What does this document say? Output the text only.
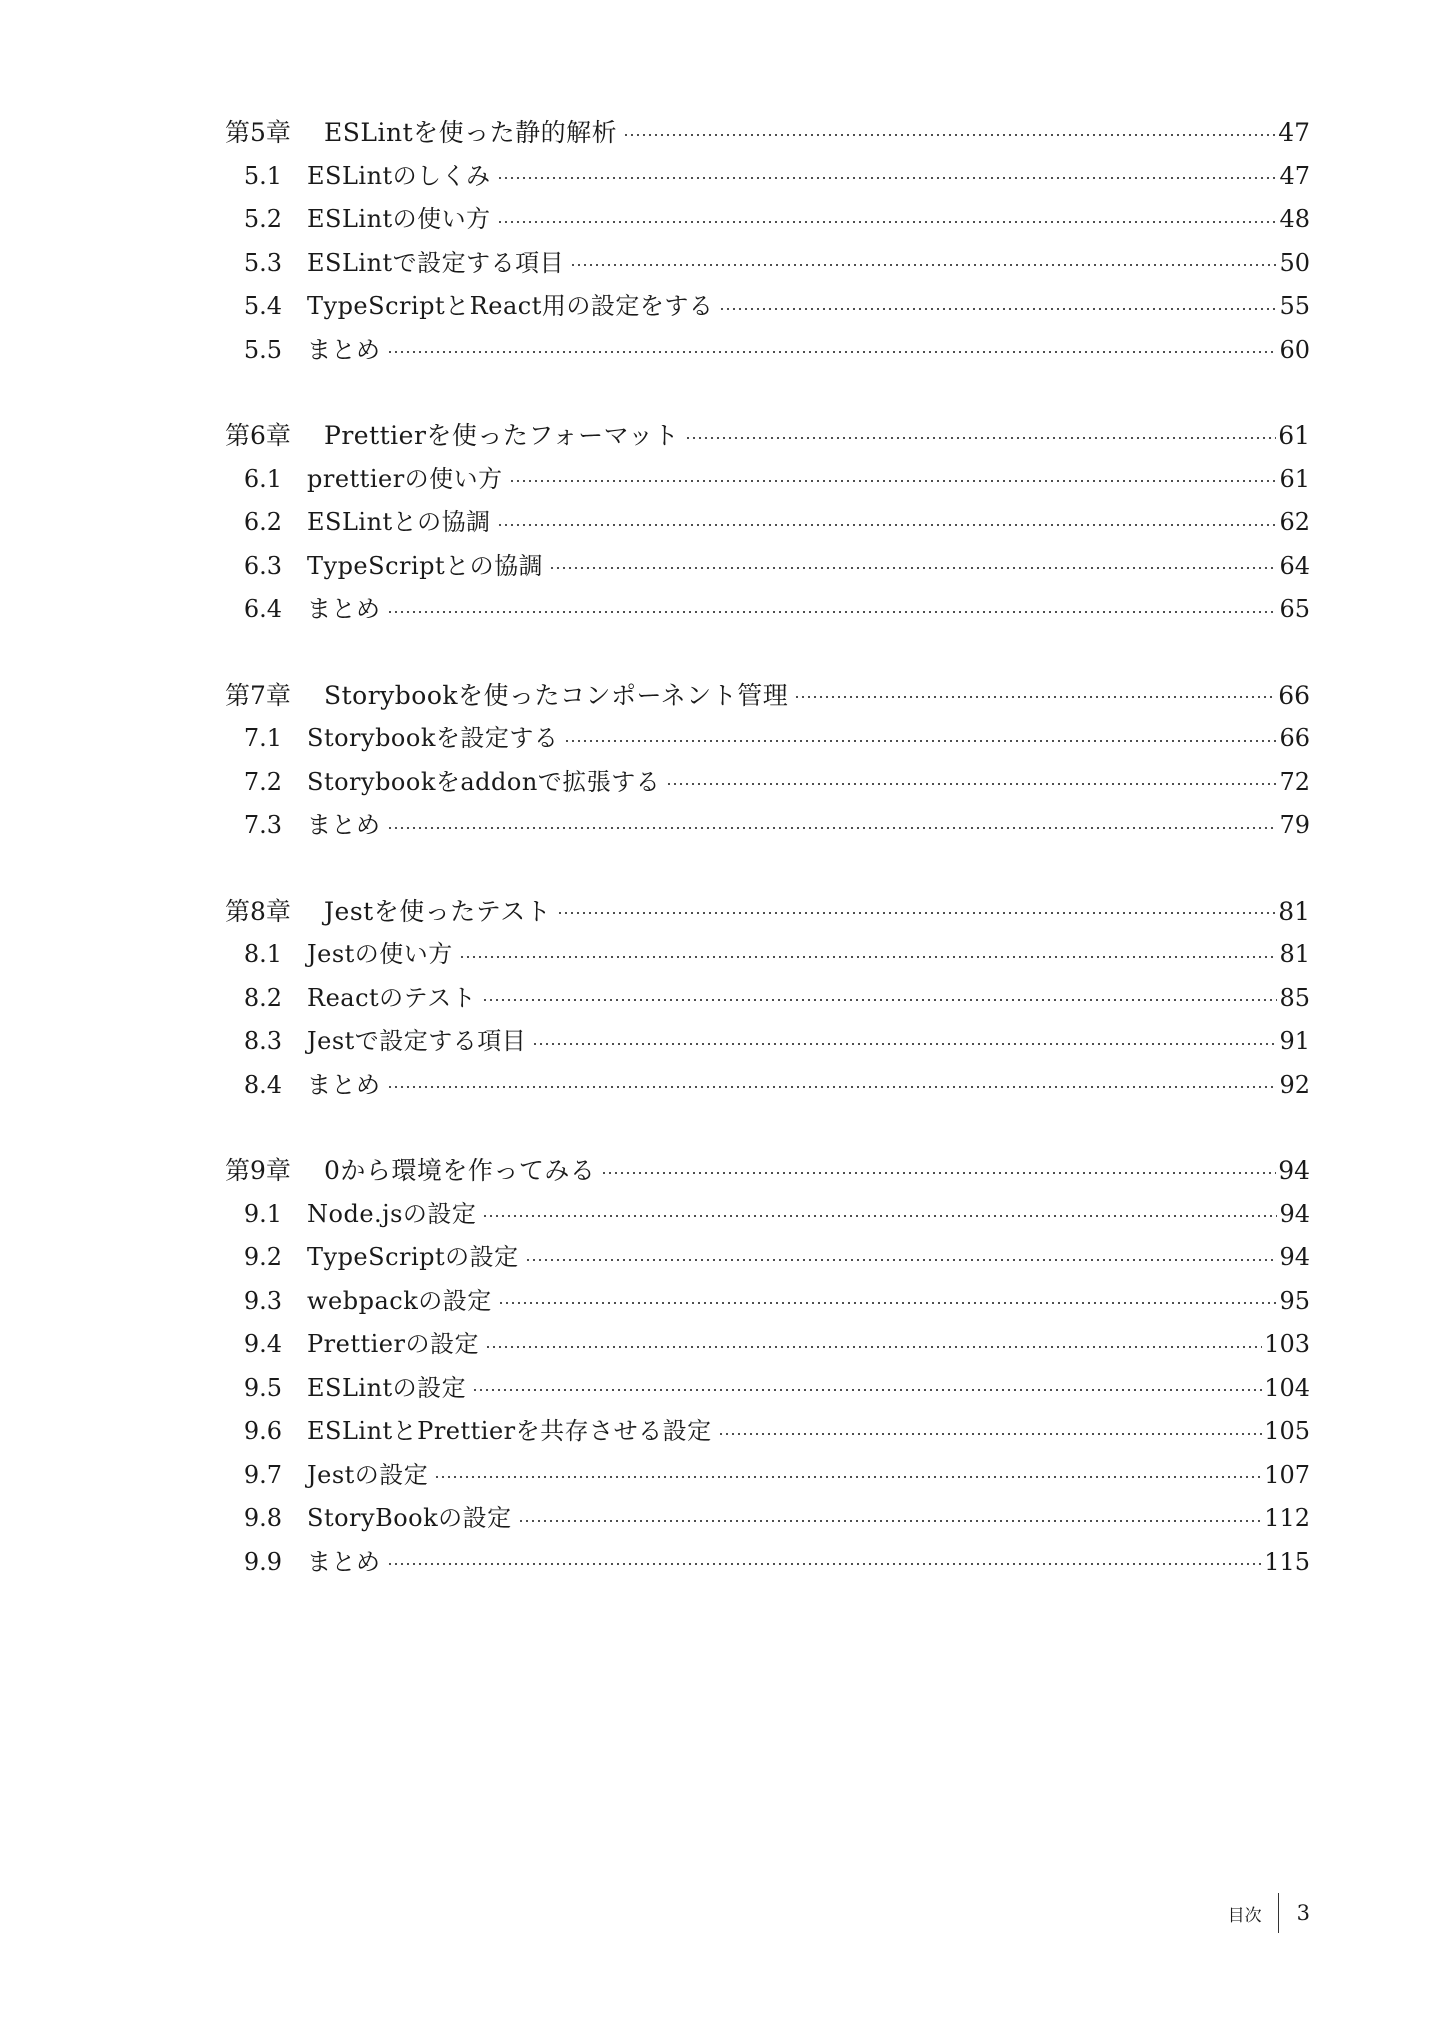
第5章	ESLintを使った静的解析	47
5.1 ESLintのしくみ	47
5.2 ESLintの使い方	48
5.3 ESLintで設定する項目	50
5.4 TypeScriptとReact用の設定をする	55
5.5 まとめ	60
第6章	Prettierを使ったフォーマット	61
6.1 prettierの使い方	61
6.2 ESLintとの協調	62
6.3 TypeScriptとの協調	64
6.4 まとめ	65
第7章	Storybookを使ったコンポーネント管理	66
7.1 Storybookを設定する	66
7.2 Storybookをaddonで拡張する	72
7.3 まとめ	79
第8章	Jestを使ったテスト	81
8.1 Jestの使い方	81
8.2 Reactのテスト	85
8.3 Jestで設定する項目	91
8.4 まとめ	92
第9章	0から環境を作ってみる	94
9.1 Node.jsの設定	94
9.2 TypeScriptの設定	94
9.3 webpackの設定	95
9.4 Prettierの設定	103
9.5 ESLintの設定	104
9.6 ESLintとPrettierを共存させる設定	105
9.7 Jestの設定	107
9.8 StoryBookの設定	112
9.9 まとめ	115
目次 3
